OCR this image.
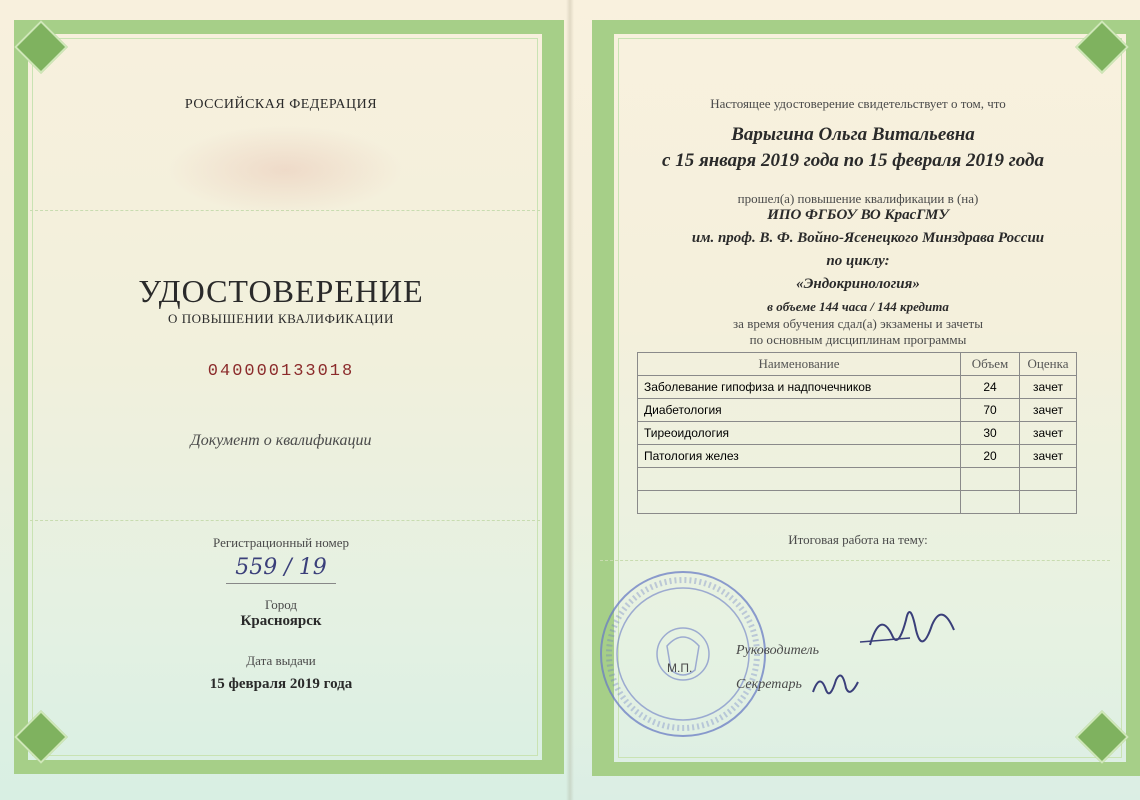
РОССИЙСКАЯ ФЕДЕРАЦИЯ
УДОСТОВЕРЕНИЕ
О ПОВЫШЕНИИ КВАЛИФИКАЦИИ
040000133018
Документ о квалификации
Регистрационный номер
559 / 19
Город
Красноярск
Дата выдачи
15 февраля 2019 года
Настоящее удостоверение свидетельствует о том, что
Варыгина Ольга Витальевна
с 15 января 2019 года по 15 февраля 2019 года
прошел(а) повышение квалификации в (на)
ИПО ФГБОУ ВО КрасГМУ
им. проф. В. Ф. Войно-Ясенецкого Минздрава России
по циклу:
«Эндокринология»
в объеме 144 часа / 144 кредита
за время обучения сдал(а) экзамены и зачеты
по основным дисциплинам программы
Наименование	Объем	Оценка
Заболевание гипофиза и надпочечников	24	зачет
Диабетология	70	зачет
Тиреоидология	30	зачет
Патология желез	20	зачет

Итоговая работа на тему:
М.П.
Руководитель
Секретарь
